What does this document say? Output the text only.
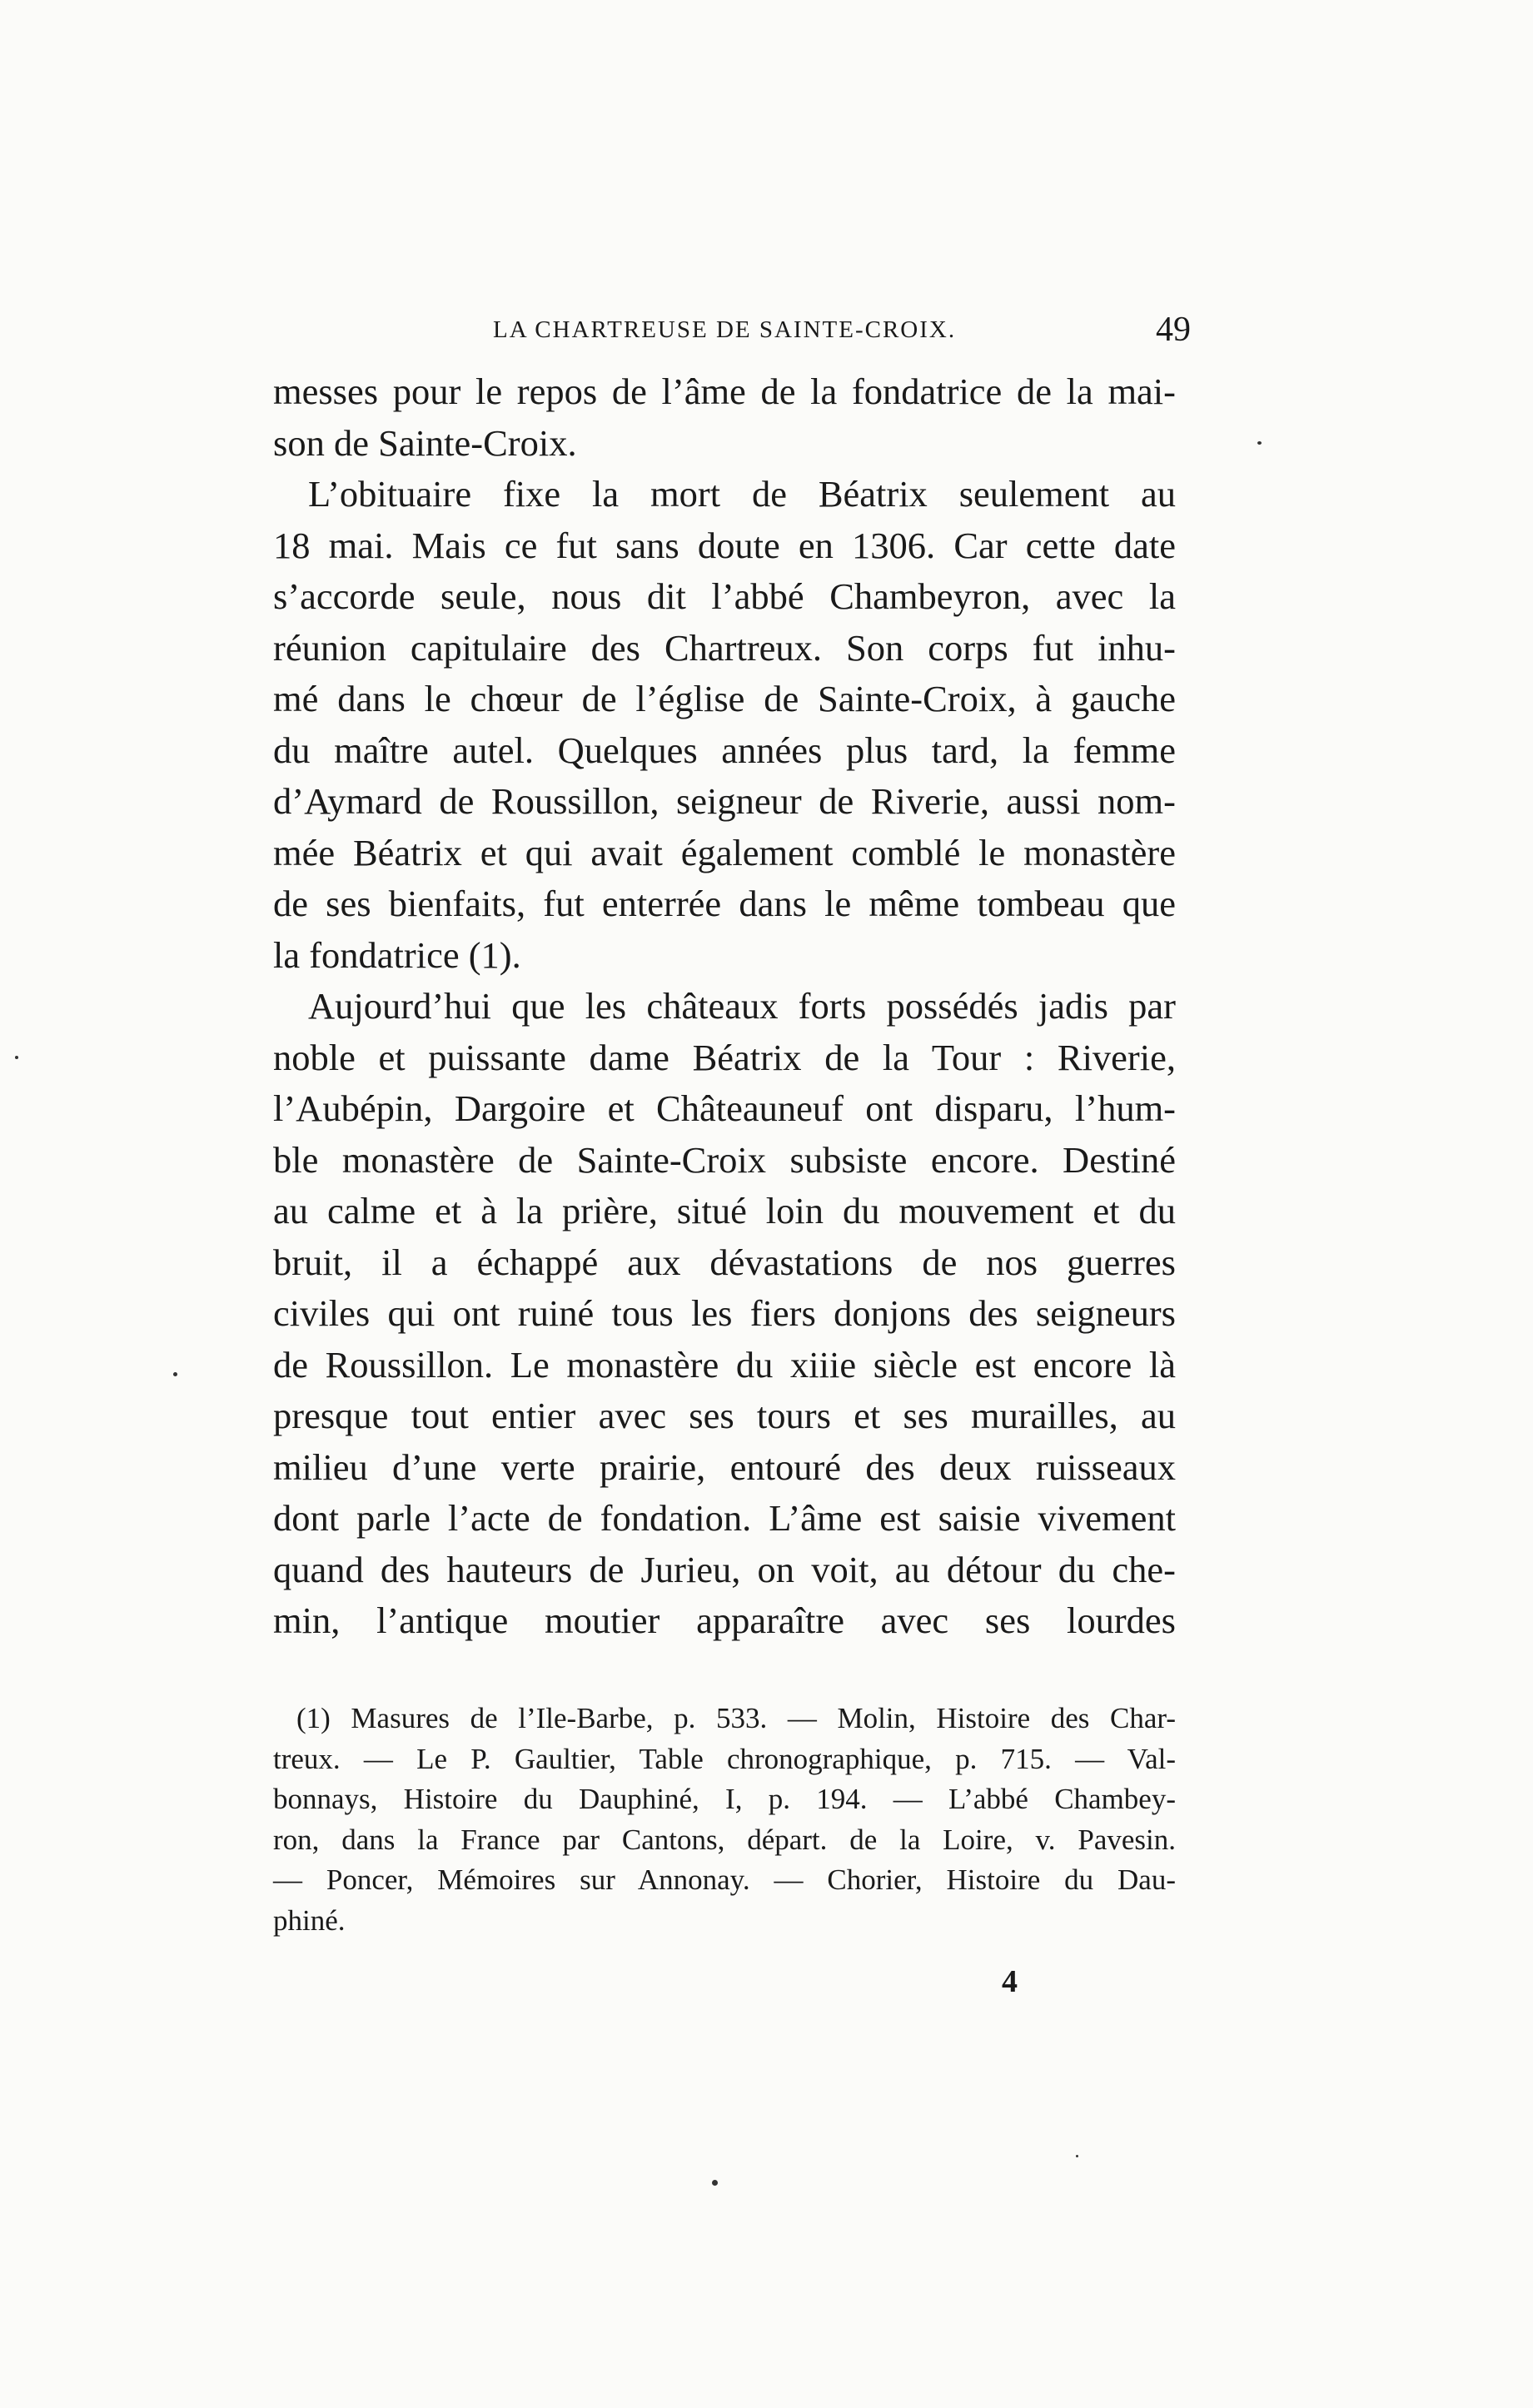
LA CHARTREUSE DE SAINTE-CROIX.	49
messes pour le repos de l’âme de la fondatrice de la mai-
son de Sainte-Croix.
L’obituaire fixe la mort de Béatrix seulement au
18 mai. Mais ce fut sans doute en 1306. Car cette date
s’accorde seule, nous dit l’abbé Chambeyron, avec la
réunion capitulaire des Chartreux. Son corps fut inhu-
mé dans le chœur de l’église de Sainte-Croix, à gauche
du maître autel. Quelques années plus tard, la femme
d’Aymard de Roussillon, seigneur de Riverie, aussi nom-
mée Béatrix et qui avait également comblé le monastère
de ses bienfaits, fut enterrée dans le même tombeau que
la fondatrice (1).
Aujourd’hui que les châteaux forts possédés jadis par
noble et puissante dame Béatrix de la Tour : Riverie,
l’Aubépin, Dargoire et Châteauneuf ont disparu, l’hum-
ble monastère de Sainte-Croix subsiste encore. Destiné
au calme et à la prière, situé loin du mouvement et du
bruit, il a échappé aux dévastations de nos guerres
civiles qui ont ruiné tous les fiers donjons des seigneurs
de Roussillon. Le monastère du xiiie siècle est encore là
presque tout entier avec ses tours et ses murailles, au
milieu d’une verte prairie, entouré des deux ruisseaux
dont parle l’acte de fondation. L’âme est saisie vivement
quand des hauteurs de Jurieu, on voit, au détour du che-
min, l’antique moutier apparaître avec ses lourdes
(1) Masures de l’Ile-Barbe, p. 533. — Molin, Histoire des Char-
treux. — Le P. Gaultier, Table chronographique, p. 715. — Val-
bonnays, Histoire du Dauphiné, I, p. 194. — L’abbé Chambey-
ron, dans la France par Cantons, départ. de la Loire, v. Pavesin.
— Poncer, Mémoires sur Annonay. — Chorier, Histoire du Dau-
phiné.
4
